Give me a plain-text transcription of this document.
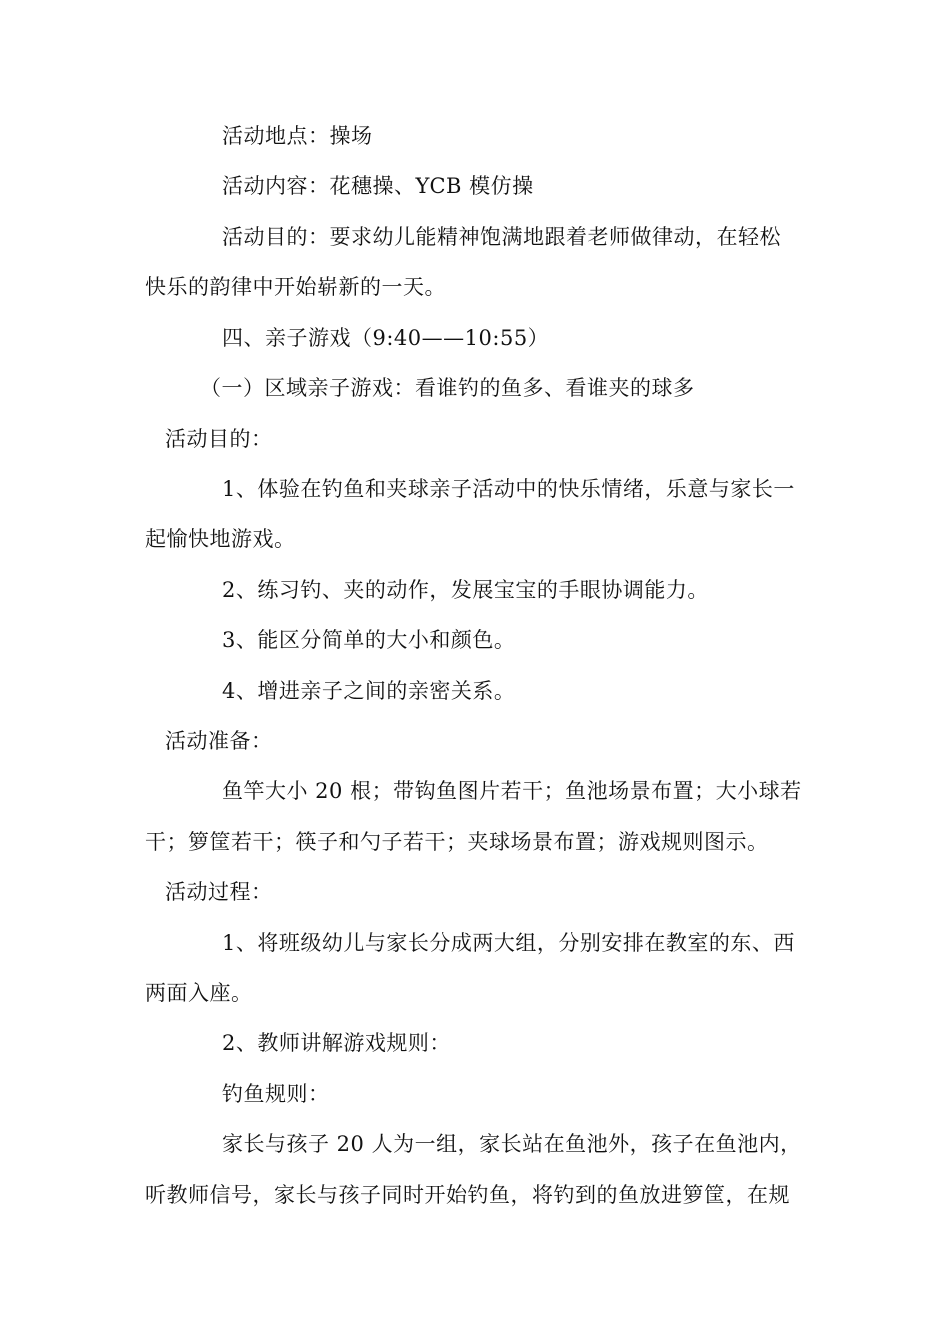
活动地点：操场
活动内容：花穗操、YCB 模仿操
活动目的：要求幼儿能精神饱满地跟着老师做律动，在轻松
快乐的韵律中开始崭新的一天。
四、亲子游戏（9:40——10:55）
（一）区域亲子游戏：看谁钓的鱼多、看谁夹的球多
活动目的：
1、体验在钓鱼和夹球亲子活动中的快乐情绪，乐意与家长一
起愉快地游戏。
2、练习钓、夹的动作，发展宝宝的手眼协调能力。
3、能区分简单的大小和颜色。
4、增进亲子之间的亲密关系。
活动准备：
鱼竿大小 20 根；带钩鱼图片若干；鱼池场景布置；大小球若
干；箩筐若干；筷子和勺子若干；夹球场景布置；游戏规则图示。
活动过程：
1、将班级幼儿与家长分成两大组，分别安排在教室的东、西
两面入座。
2、教师讲解游戏规则：
钓鱼规则：
家长与孩子 20 人为一组，家长站在鱼池外，孩子在鱼池内，
听教师信号，家长与孩子同时开始钓鱼，将钓到的鱼放进箩筐，在规
